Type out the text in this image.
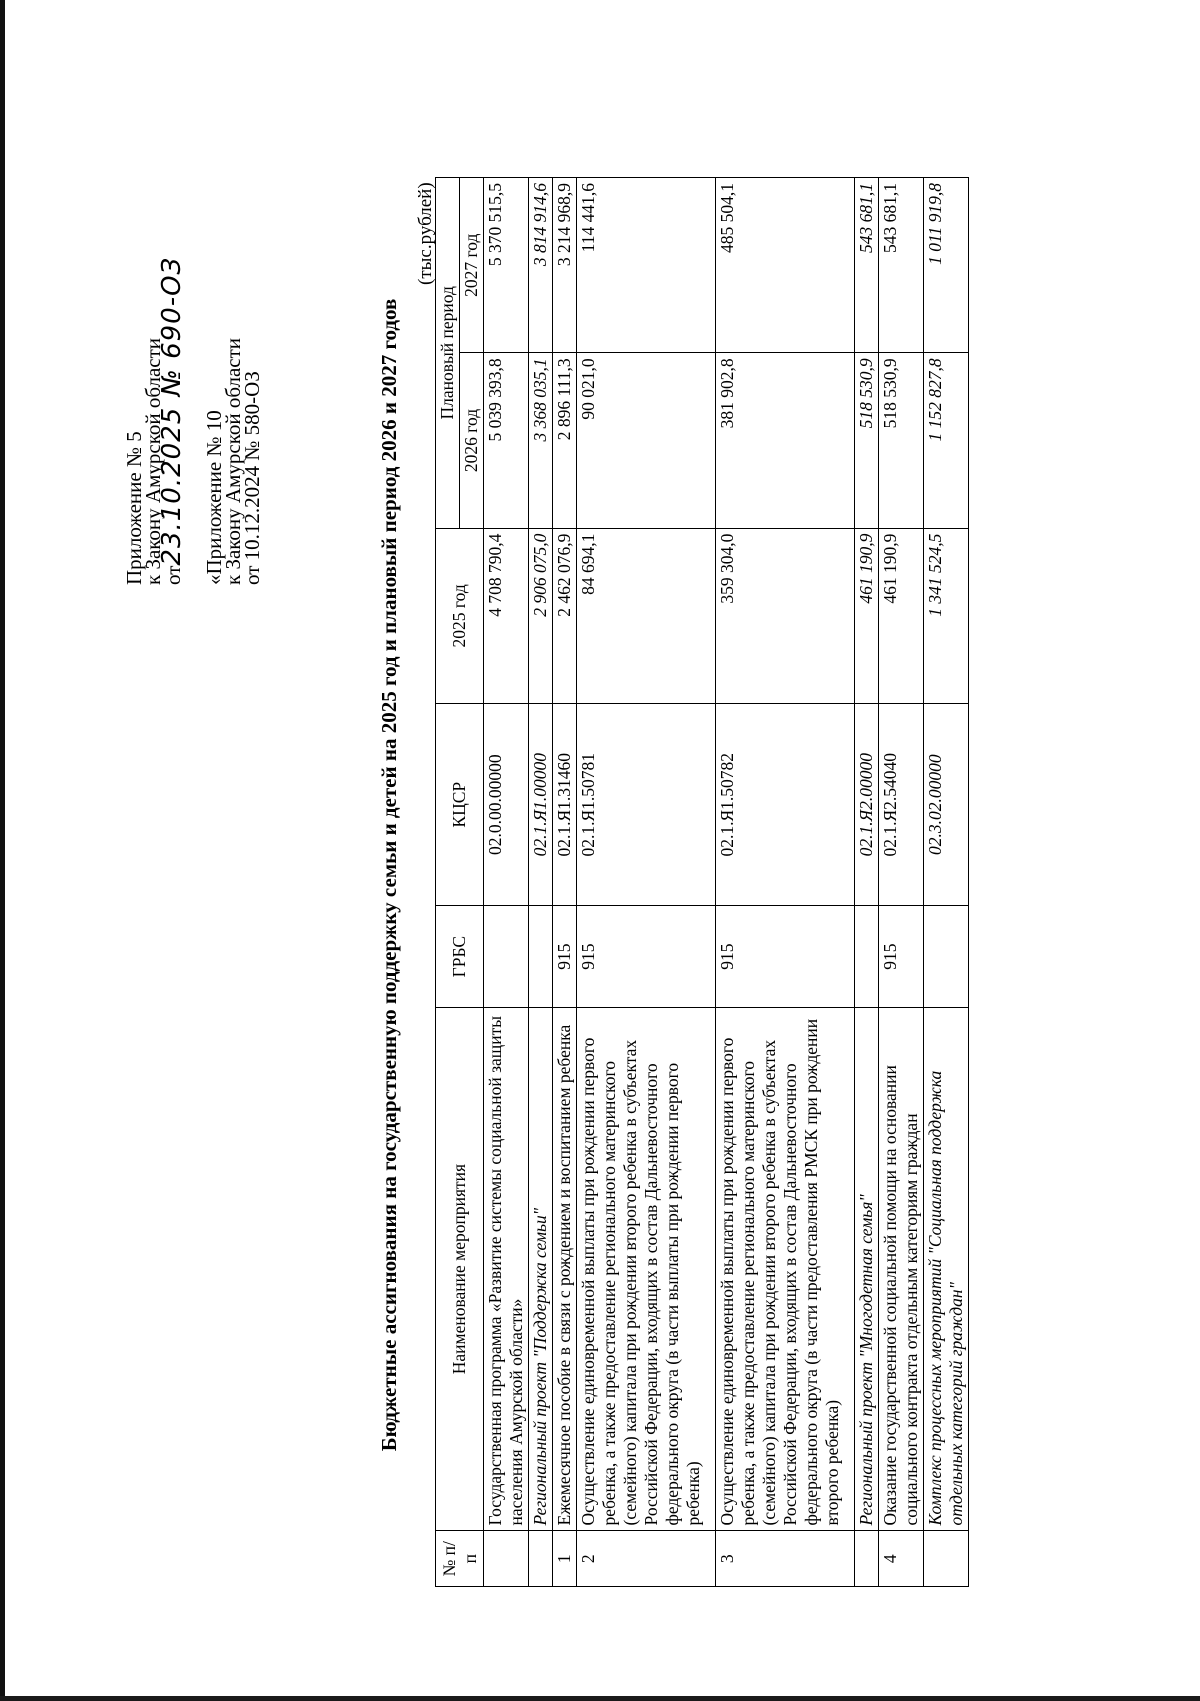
Приложение № 5
к Закону Амурской области
от23.10.2025  № 690-ОЗ
«Приложение № 10
к Закону Амурской области
от 10.12.2024 № 580-ОЗ	Бюджетные ассигнования на государственную поддержку семьи и детей на 2025 год и плановый период 2026 и 2027 годов
(тыс.рублей)
№ п/п	Наименование мероприятия	ГРБС	КЦСР	2025 год	Плановый период	
					2026 год	2027 год
	Государственная программа «Развитие системы социальной защиты населения Амурской области»		02.0.00.00000	4 708 790,4	5 039 393,8	5 370 515,5
	Региональный проект "Поддержка семьи"		02.1.Я1.00000	2 906 075,0	3 368 035,1	3 814 914,6
1	Ежемесячное пособие в связи с рождением и воспитанием ребенка	915	02.1.Я1.31460	2 462 076,9	2 896 111,3	3 214 968,9
2	Осуществление единовременной выплаты при рождении первого ребенка, а также предоставление регионального материнского (семейного) капитала при рождении второго ребенка в субъектах Российской Федерации, входящих в состав Дальневосточного федерального округа (в части выплаты при рождении первого ребенка)	915	02.1.Я1.50781	84 694,1	90 021,0	114 441,6
3	Осуществление единовременной выплаты при рождении первого ребенка, а также предоставление регионального материнского (семейного) капитала при рождении второго ребенка в субъектах Российской Федерации, входящих в состав Дальневосточного федерального округа (в части предоставления РМСК при рождении второго ребенка)	915	02.1.Я1.50782	359 304,0	381 902,8	485 504,1
	Региональный проект "Многодетная семья"		02.1.Я2.00000	461 190,9	518 530,9	543 681,1
4	Оказание государственной социальной помощи на основании социального контракта отдельным категориям граждан	915	02.1.Я2.54040	461 190,9	518 530,9	543 681,1
	Комплекс процессных мероприятий "Социальная поддержка отдельных категорий граждан"		02.3.02.00000	1 341 524,5	1 152 827,8	1 011 919,8
